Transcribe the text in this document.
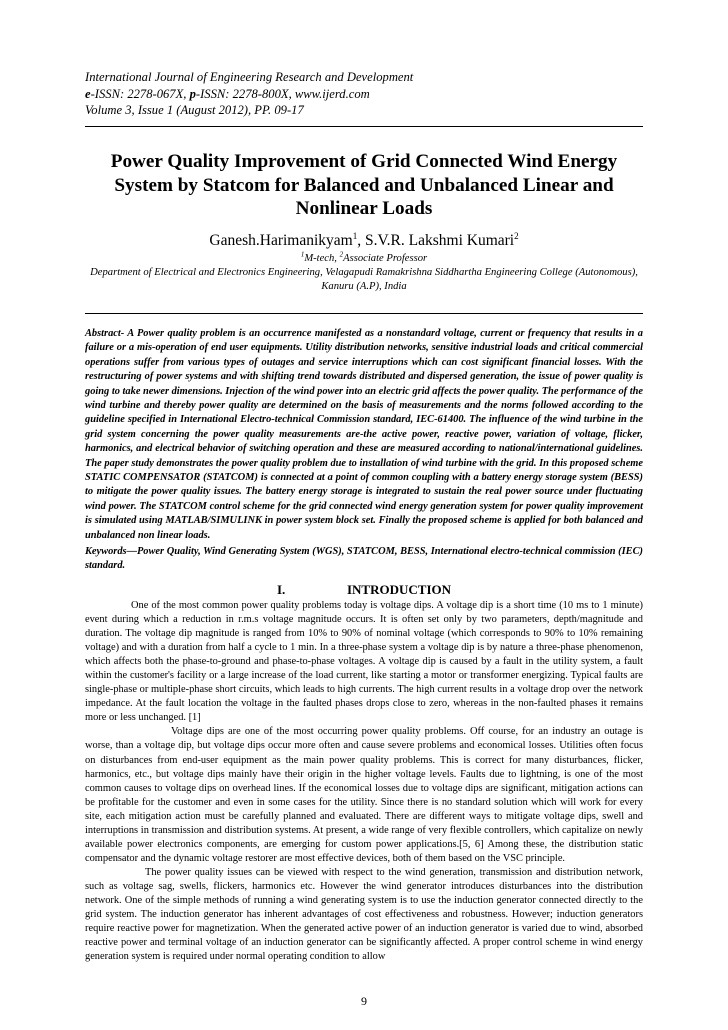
International Journal of Engineering Research and Development
e-ISSN: 2278-067X, p-ISSN: 2278-800X, www.ijerd.com
Volume 3, Issue 1 (August 2012), PP. 09-17
Power Quality Improvement of Grid Connected Wind Energy System by Statcom for Balanced and Unbalanced Linear and Nonlinear Loads
Ganesh.Harimanikyam$^1$, S.V.R. Lakshmi Kumari$^2$
$^1$M-tech, $^2$Associate Professor
Department of Electrical and Electronics Engineering, Velagapudi Ramakrishna Siddhartha Engineering College (Autonomous), Kanuru (A.P), India
Abstract- A Power quality problem is an occurrence manifested as a nonstandard voltage, current or frequency that results in a failure or a mis-operation of end user equipments. Utility distribution networks, sensitive industrial loads and critical commercial operations suffer from various types of outages and service interruptions which can cost significant financial losses. With the restructuring of power systems and with shifting trend towards distributed and dispersed generation, the issue of power quality is going to take newer dimensions. Injection of the wind power into an electric grid affects the power quality. The performance of the wind turbine and thereby power quality are determined on the basis of measurements and the norms followed according to the guideline specified in International Electro-technical Commission standard, IEC-61400. The influence of the wind turbine in the grid system concerning the power quality measurements are-the active power, reactive power, variation of voltage, flicker, harmonics, and electrical behavior of switching operation and these are measured according to national/international guidelines. The paper study demonstrates the power quality problem due to installation of wind turbine with the grid. In this proposed scheme STATIC COMPENSATOR (STATCOM) is connected at a point of common coupling with a battery energy storage system (BESS) to mitigate the power quality issues. The battery energy storage is integrated to sustain the real power source under fluctuating wind power. The STATCOM control scheme for the grid connected wind energy generation system for power quality improvement is simulated using MATLAB/SIMULINK in power system block set. Finally the proposed scheme is applied for both balanced and unbalanced non linear loads.
Keywords—Power Quality, Wind Generating System (WGS), STATCOM, BESS, International electro-technical commission (IEC) standard.
I.	INTRODUCTION

One of the most common power quality problems today is voltage dips. A voltage dip is a short time (10 ms to 1 minute) event during which a reduction in r.m.s voltage magnitude occurs. It is often set only by two parameters, depth/magnitude and duration. The voltage dip magnitude is ranged from 10% to 90% of nominal voltage (which corresponds to 90% to 10% remaining voltage) and with a duration from half a cycle to 1 min. In a three-phase system a voltage dip is by nature a three-phase phenomenon, which affects both the phase-to-ground and phase-to-phase voltages. A voltage dip is caused by a fault in the utility system, a fault within the customer's facility or a large increase of the load current, like starting a motor or transformer energizing. Typical faults are single-phase or multiple-phase short circuits, which leads to high currents. The high current results in a voltage drop over the network impedance. At the fault location the voltage in the faulted phases drops close to zero, whereas in the non-faulted phases it remains more or less unchanged. [1]

Voltage dips are one of the most occurring power quality problems. Off course, for an industry an outage is worse, than a voltage dip, but voltage dips occur more often and cause severe problems and economical losses. Utilities often focus on disturbances from end-user equipment as the main power quality problems. This is correct for many disturbances, flicker, harmonics, etc., but voltage dips mainly have their origin in the higher voltage levels. Faults due to lightning, is one of the most common causes to voltage dips on overhead lines. If the economical losses due to voltage dips are significant, mitigation actions can be profitable for the customer and even in some cases for the utility. Since there is no standard solution which will work for every site, each mitigation action must be carefully planned and evaluated. There are different ways to mitigate voltage dips, swell and interruptions in transmission and distribution systems. At present, a wide range of very flexible controllers, which capitalize on newly available power electronics components, are emerging for custom power applications.[5, 6] Among these, the distribution static compensator and the dynamic voltage restorer are most effective devices, both of them based on the VSC principle.

The power quality issues can be viewed with respect to the wind generation, transmission and distribution network, such as voltage sag, swells, flickers, harmonics etc. However the wind generator introduces disturbances into the distribution network. One of the simple methods of running a wind generating system is to use the induction generator connected directly to the grid system. The induction generator has inherent advantages of cost effectiveness and robustness. However; induction generators require reactive power for magnetization. When the generated active power of an induction generator is varied due to wind, absorbed reactive power and terminal voltage of an induction generator can be significantly affected. A proper control scheme in wind energy generation system is required under normal operating condition to allow

9
